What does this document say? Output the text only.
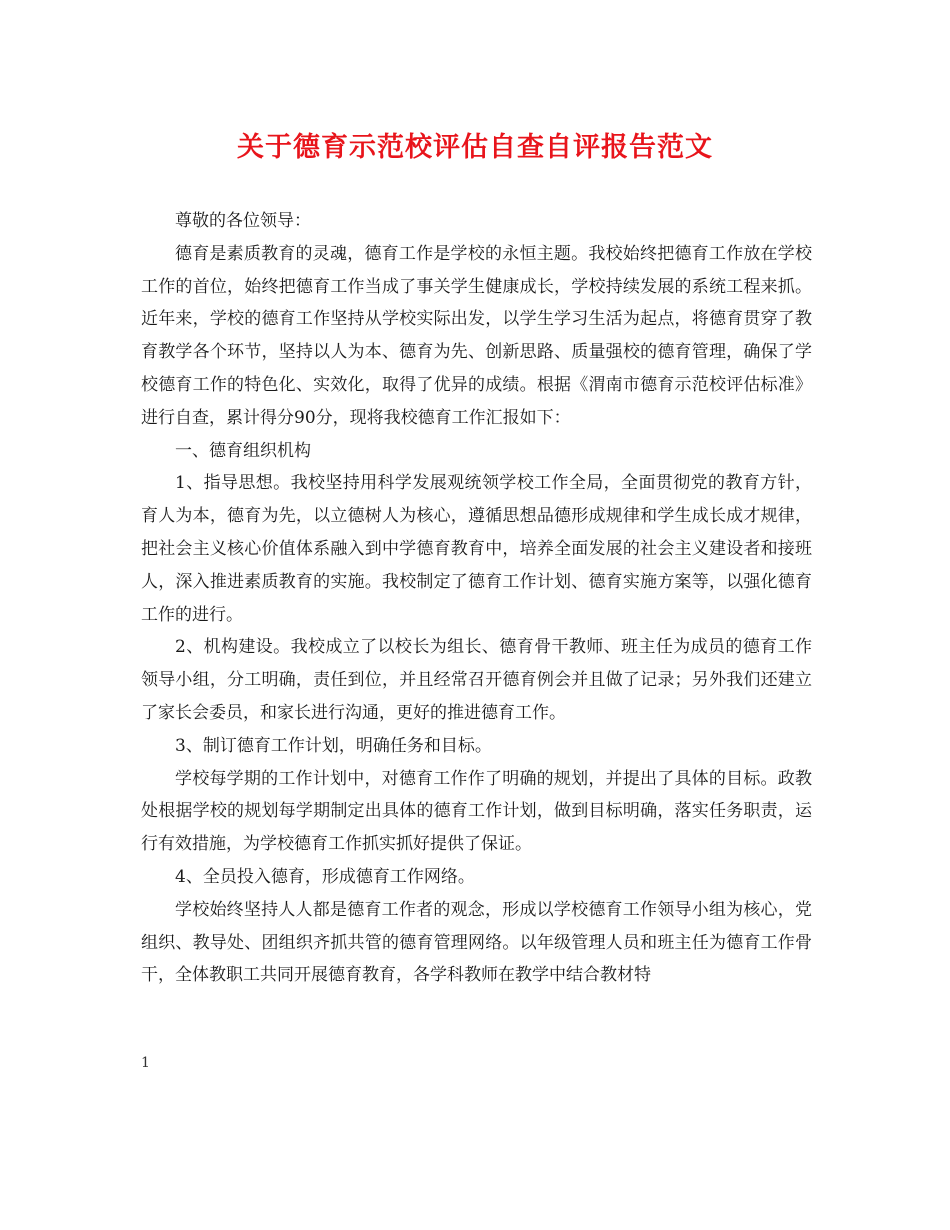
关于德育示范校评估自查自评报告范文

尊敬的各位领导：

德育是素质教育的灵魂，德育工作是学校的永恒主题。我校始终把德育工作放在学校工作的首位，始终把德育工作当成了事关学生健康成长，学校持续发展的系统工程来抓。近年来，学校的德育工作坚持从学校实际出发，以学生学习生活为起点，将德育贯穿了教育教学各个环节，坚持以人为本、德育为先、创新思路、质量强校的德育管理，确保了学校德育工作的特色化、实效化，取得了优异的成绩。根据《渭南市德育示范校评估标准》进行自查，累计得分90分，现将我校德育工作汇报如下：

一、德育组织机构

1、指导思想。我校坚持用科学发展观统领学校工作全局，全面贯彻党的教育方针，育人为本，德育为先，以立德树人为核心，遵循思想品德形成规律和学生成长成才规律，把社会主义核心价值体系融入到中学德育教育中，培养全面发展的社会主义建设者和接班人，深入推进素质教育的实施。我校制定了德育工作计划、德育实施方案等，以强化德育工作的进行。

2、机构建设。我校成立了以校长为组长、德育骨干教师、班主任为成员的德育工作领导小组，分工明确，责任到位，并且经常召开德育例会并且做了记录；另外我们还建立了家长会委员，和家长进行沟通，更好的推进德育工作。

3、制订德育工作计划，明确任务和目标。

学校每学期的工作计划中，对德育工作作了明确的规划，并提出了具体的目标。政教处根据学校的规划每学期制定出具体的德育工作计划，做到目标明确，落实任务职责，运行有效措施，为学校德育工作抓实抓好提供了保证。

4、全员投入德育，形成德育工作网络。

学校始终坚持人人都是德育工作者的观念，形成以学校德育工作领导小组为核心，党组织、教导处、团组织齐抓共管的德育管理网络。以年级管理人员和班主任为德育工作骨干，全体教职工共同开展德育教育，各学科教师在教学中结合教材特

1
